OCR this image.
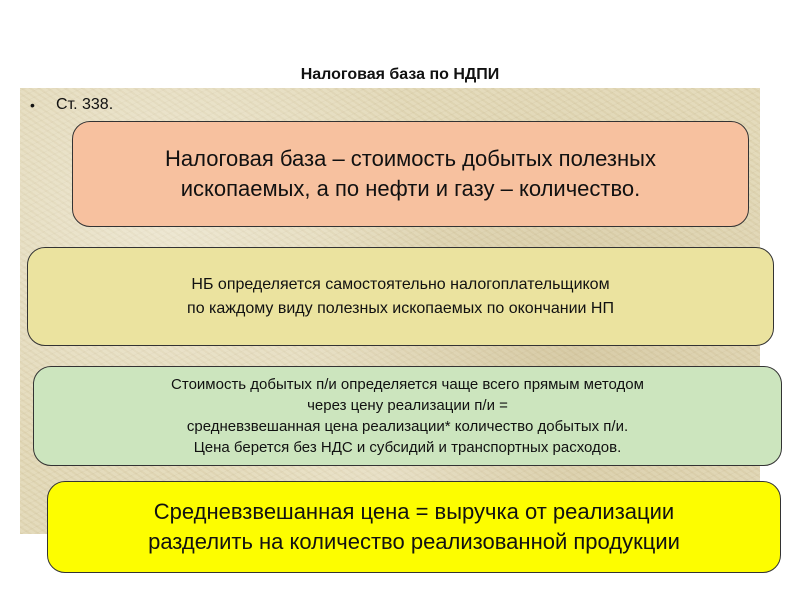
Налоговая база по НДПИ
•	Ст. 338.

Налоговая база – стоимость добытых полезных

ископаемых, а по нефти и газу – количество.

НБ определяется самостоятельно налогоплательщиком

по каждому виду полезных ископаемых по окончании НП

Стоимость добытых п/и определяется чаще всего прямым методом

через цену реализации п/и =

средневзвешанная цена реализации* количество добытых п/и.

Цена берется без НДС и субсидий и транспортных расходов.

Средневзвешанная цена = выручка от реализации

разделить на количество реализованной продукции
